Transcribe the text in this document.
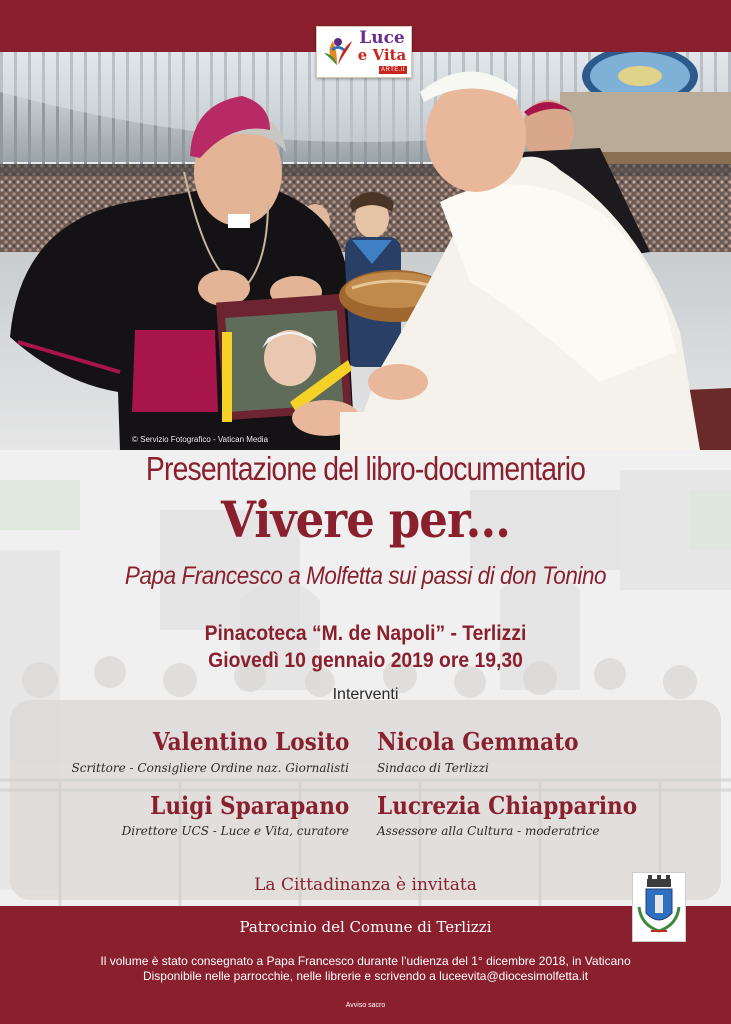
Luce
e Vita
ARTE.it
© Servizio Fotografico - Vatican Media
Presentazione del libro-documentario
Vivere per...
Papa Francesco a Molfetta sui passi di don Tonino
Pinacoteca “M. de Napoli” - Terlizzi
Giovedì 10 gennaio 2019 ore 19,30
Interventi
Valentino Losito
Scrittore - Consigliere Ordine naz. Giornalisti
Nicola Gemmato
Sindaco di Terlizzi
Luigi Sparapano
Direttore UCS - Luce e Vita, curatore
Lucrezia Chiapparino
Assessore alla Cultura - moderatrice
La Cittadinanza è invitata
Patrocinio del Comune di Terlizzi
Il volume è stato consegnato a Papa Francesco durante l’udienza del 1° dicembre 2018, in Vaticano
Disponibile nelle parrocchie, nelle librerie e scrivendo a luceevita@diocesimolfetta.it
Avviso sacro
